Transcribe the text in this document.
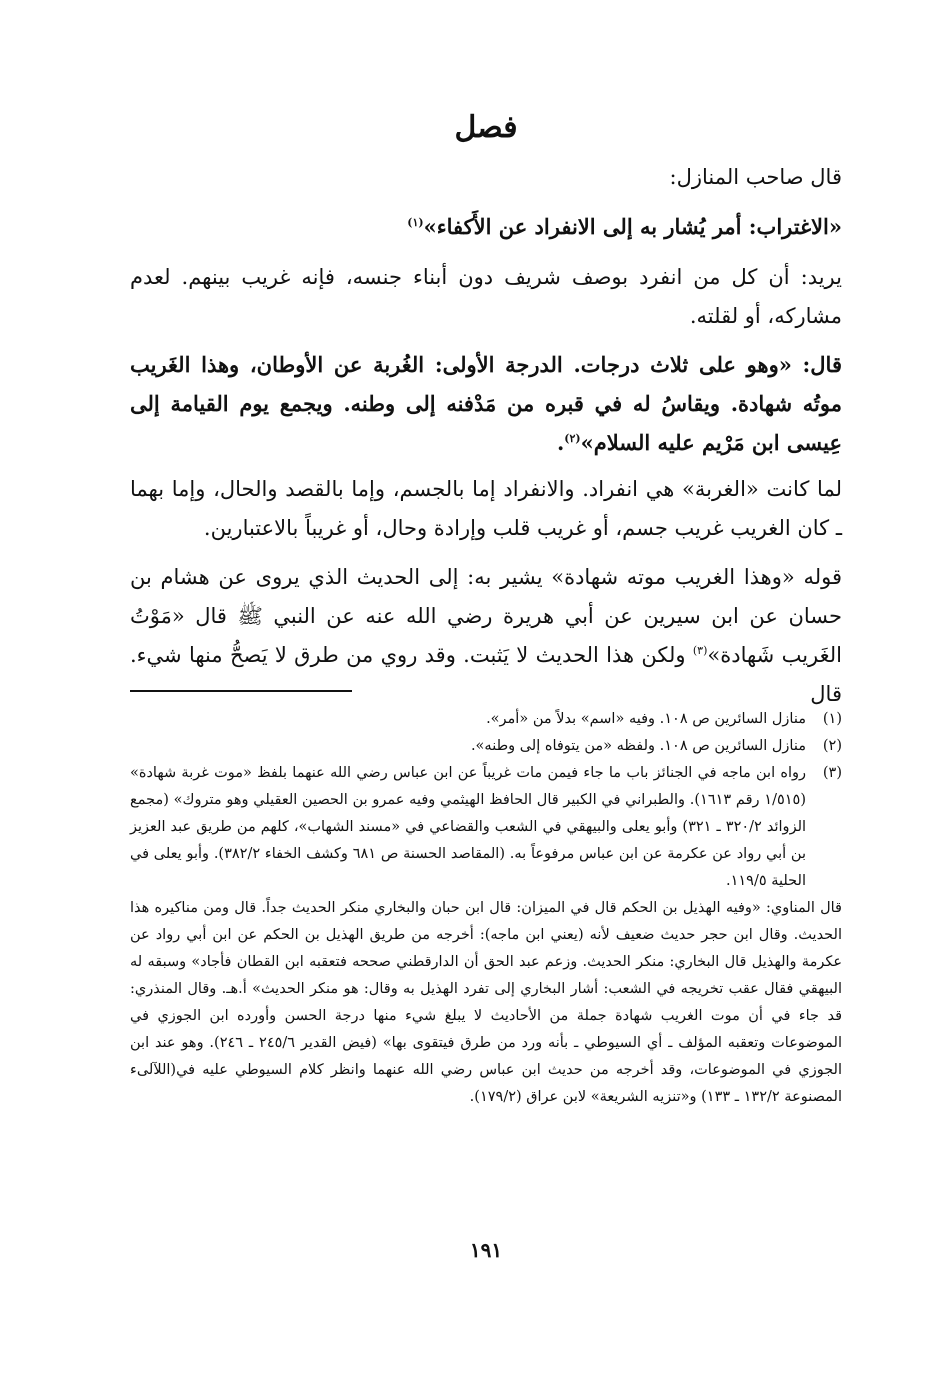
فصل

قال صاحب المنازل:

«الاغتراب: أمر يُشار به إلى الانفراد عن الأَكفاء»$^{(١)}$

يريد: أن كل من انفرد بوصف شريف دون أبناء جنسه، فإنه غريب بينهم. لعدم مشاركه، أو لقلته.

قال: «وهو على ثلاث درجات. الدرجة الأولى: الغُربة عن الأوطان، وهذا الغَريب موتُه شهادة. ويقاسُ له في قبره من مَدْفنه إلى وطنه. ويجمع يوم القيامة إلى عِيسى ابن مَرْيم عليه السلام»$^{(٢)}$.

لما كانت «الغربة» هي انفراد. والانفراد إما بالجسم، وإما بالقصد والحال، وإما بهما ـ كان الغريب غريب جسم، أو غريب قلب وإرادة وحال، أو غريباً بالاعتبارين.

قوله «وهذا الغريب موته شهادة» يشير به: إلى الحديث الذي يروى عن هشام بن حسان عن ابن سيرين عن أبي هريرة رضي الله عنه عن النبي ﷺ قال «مَوْتُ الغَريب شَهادة»$^{(٣)}$ ولكن هذا الحديث لا يَثبت. وقد روي من طرق لا يَصحُّ منها شيء. قال

(١)
منازل السائرين ص ١٠٨. وفيه «اسم» بدلاً من «أمر».
(٢)
منازل السائرين ص ١٠٨. ولفظه «من يتوفاه إلى وطنه».
(٣)
رواه ابن ماجه في الجنائز باب ما جاء فيمن مات غريباً عن ابن عباس رضي الله عنهما بلفظ «موت غربة شهادة» (١/٥١٥ رقم ١٦١٣). والطبراني في الكبير قال الحافظ الهيثمي وفيه عمرو بن الحصين العقيلي وهو متروك» (مجمع الزوائد ٣٢٠/٢ ـ ٣٢١) وأبو يعلى والبيهقي في الشعب والقضاعي في «مسند الشهاب»، كلهم من طريق عبد العزيز بن أبي رواد عن عكرمة عن ابن عباس مرفوعاً به. (المقاصد الحسنة ص ٦٨١ وكشف الخفاء ٣٨٢/٢). وأبو يعلى في الحلية ١١٩/٥.

قال المناوي: «وفيه الهذيل بن الحكم قال في الميزان: قال ابن حبان والبخاري منكر الحديث جداً. قال ومن مناكيره هذا الحديث. وقال ابن حجر حديث ضعيف لأنه (يعني ابن ماجه): أخرجه من طريق الهذيل بن الحكم عن ابن أبي رواد عن عكرمة والهذيل قال البخاري: منكر الحديث. وزعم عبد الحق أن الدارقطني صححه فتعقبه ابن القطان فأجاد» وسبقه له البيهقي فقال عقب تخريجه في الشعب: أشار البخاري إلى تفرد الهذيل به وقال: هو منكر الحديث» أ.هـ. وقال المنذري: قد جاء في أن موت الغريب شهادة جملة من الأحاديث لا يبلغ شيء منها درجة الحسن وأورده ابن الجوزي في الموضوعات وتعقبه المؤلف ـ أي السيوطي ـ بأنه ورد من طرق فيتقوى بها» (فيض القدير ٢٤٥/٦ ـ ٢٤٦). وهو عند ابن الجوزي في الموضوعات، وقد أخرجه من حديث ابن عباس رضي الله عنهما وانظر كلام السيوطي عليه في(اللآلىء المصنوعة ١٣٢/٢ ـ ١٣٣) و«تنزيه الشريعة» لابن عراق (١٧٩/٢).

١٩١
